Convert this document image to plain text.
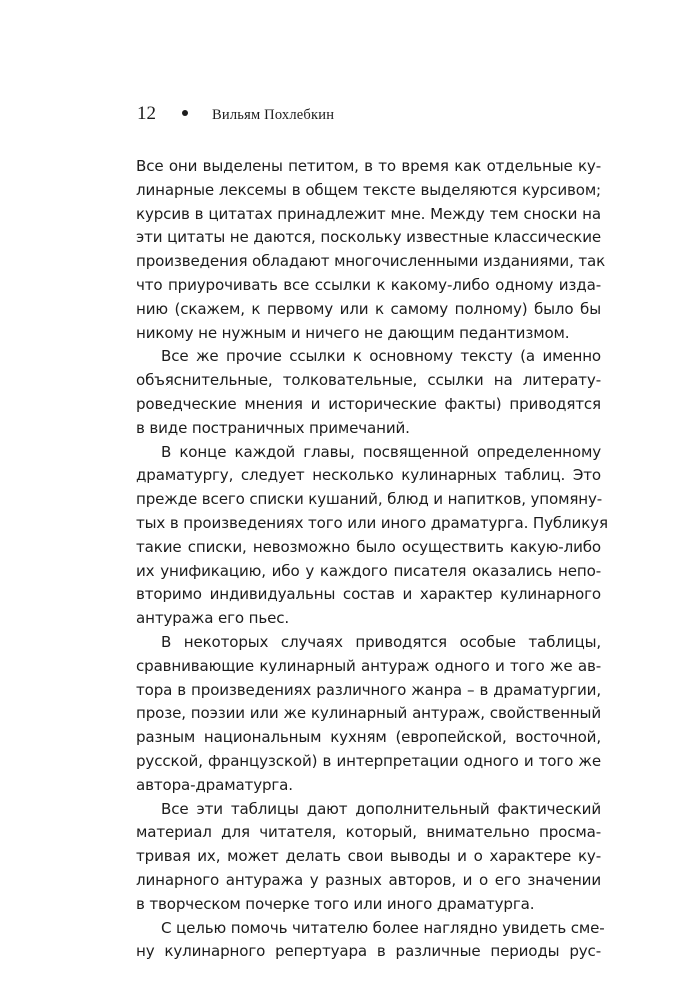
12	Вильям Похлебкин
Все они выделены петитом, в то время как отдельные ку-
линарные лексемы в общем тексте выделяются курсивом;
курсив в цитатах принадлежит мне. Между тем сноски на
эти цитаты не даются, поскольку известные классические
произведения обладают многочисленными изданиями, так
что приурочивать все ссылки к какому-либо одному изда-
нию (скажем, к первому или к самому полному) было бы
никому не нужным и ничего не дающим педантизмом.
Все же прочие ссылки к основному тексту (а именно
объяснительные, толковательные, ссылки на литерату-
роведческие мнения и исторические факты) приводятся
в виде постраничных примечаний.
В конце каждой главы, посвященной определенному
драматургу, следует несколько кулинарных таблиц. Это
прежде всего списки кушаний, блюд и напитков, упомяну-
тых в произведениях того или иного драматурга. Публикуя
такие списки, невозможно было осуществить какую-либо
их унификацию, ибо у каждого писателя оказались непо-
вторимо индивидуальны состав и характер кулинарного
антуража его пьес.
В некоторых случаях приводятся особые таблицы,
сравнивающие кулинарный антураж одного и того же ав-
тора в произведениях различного жанра – в драматургии,
прозе, поэзии или же кулинарный антураж, свойственный
разным национальным кухням (европейской, восточной,
русской, французской) в интерпретации одного и того же
автора-драматурга.
Все эти таблицы дают дополнительный фактический
материал для читателя, который, внимательно просма-
тривая их, может делать свои выводы и о характере ку-
линарного антуража у разных авторов, и о его значении
в творческом почерке того или иного драматурга.
С целью помочь читателю более наглядно увидеть сме-
ну кулинарного репертуара в различные периоды рус-
